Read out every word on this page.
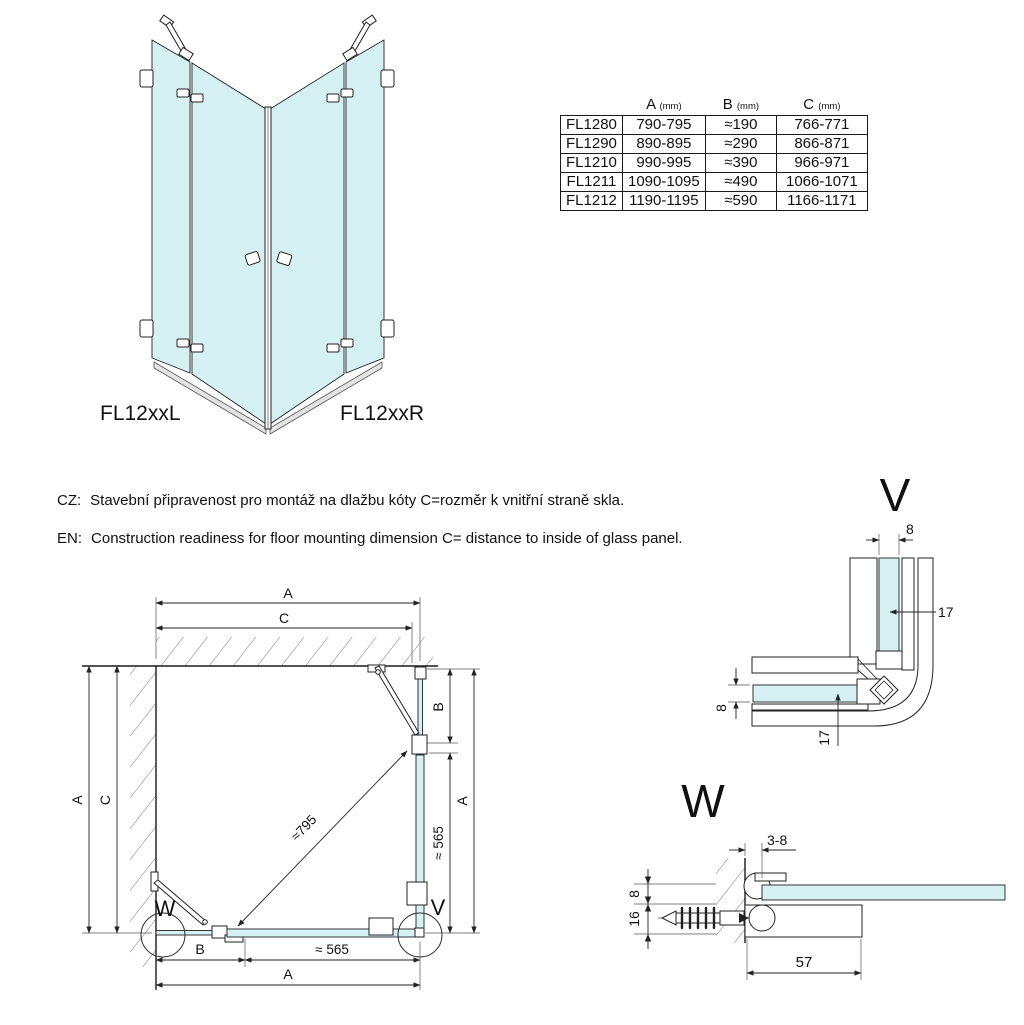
FL12xxL	FL12xxR
	A (mm)	B (mm)	C (mm)
FL1280	790-795	≈190	766-771
FL1290	890-895	≈290	866-871
FL1210	990-995	≈390	966-971
FL1211	1090-1095	≈490	1066-1071
FL1212	1190-1195	≈590	1166-1171
CZ: Stavební připravenost pro montáž na dlažbu kóty C=rozměr k vnitřní straně skla.
EN: Construction readiness for floor mounting dimension C= distance to inside of glass panel.
W	V
A
C
A C
B
≈ 565
A
≈795
B	≈ 565
A
V
8
17
8
17
W
3-8
8
16
57
